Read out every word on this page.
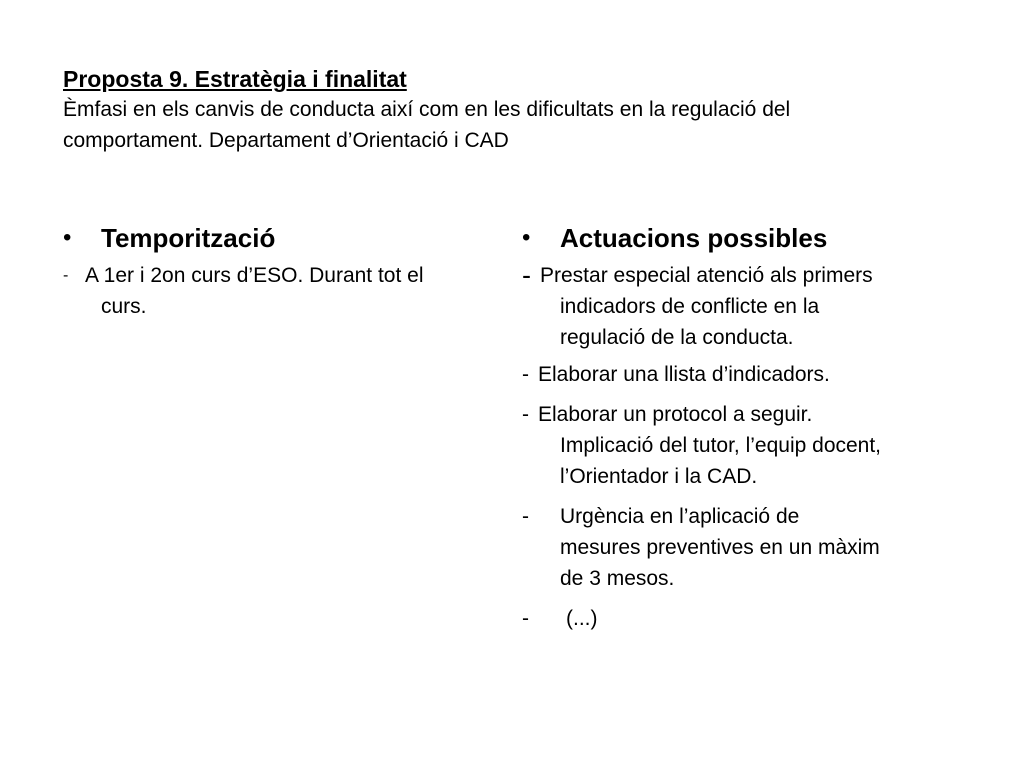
Proposta 9. Estratègia i finalitat

Èmfasi en els canvis de conducta així com en les dificultats en la regulació del
comportament. Departament d’Orientació i CAD

•	Temporització

- A 1er i 2on curs d’ESO. Durant tot el
curs.

•	Actuacions possibles

- Prestar especial atenció als primers
indicadors de conflicte en la
regulació de la conducta.

- Elaborar una llista d’indicadors.

- Elaborar un protocol a seguir.
Implicació del tutor, l’equip docent,
l’Orientador i la CAD.

- Urgència en l’aplicació de
mesures preventives en un màxim
de 3 mesos.

- (...)
